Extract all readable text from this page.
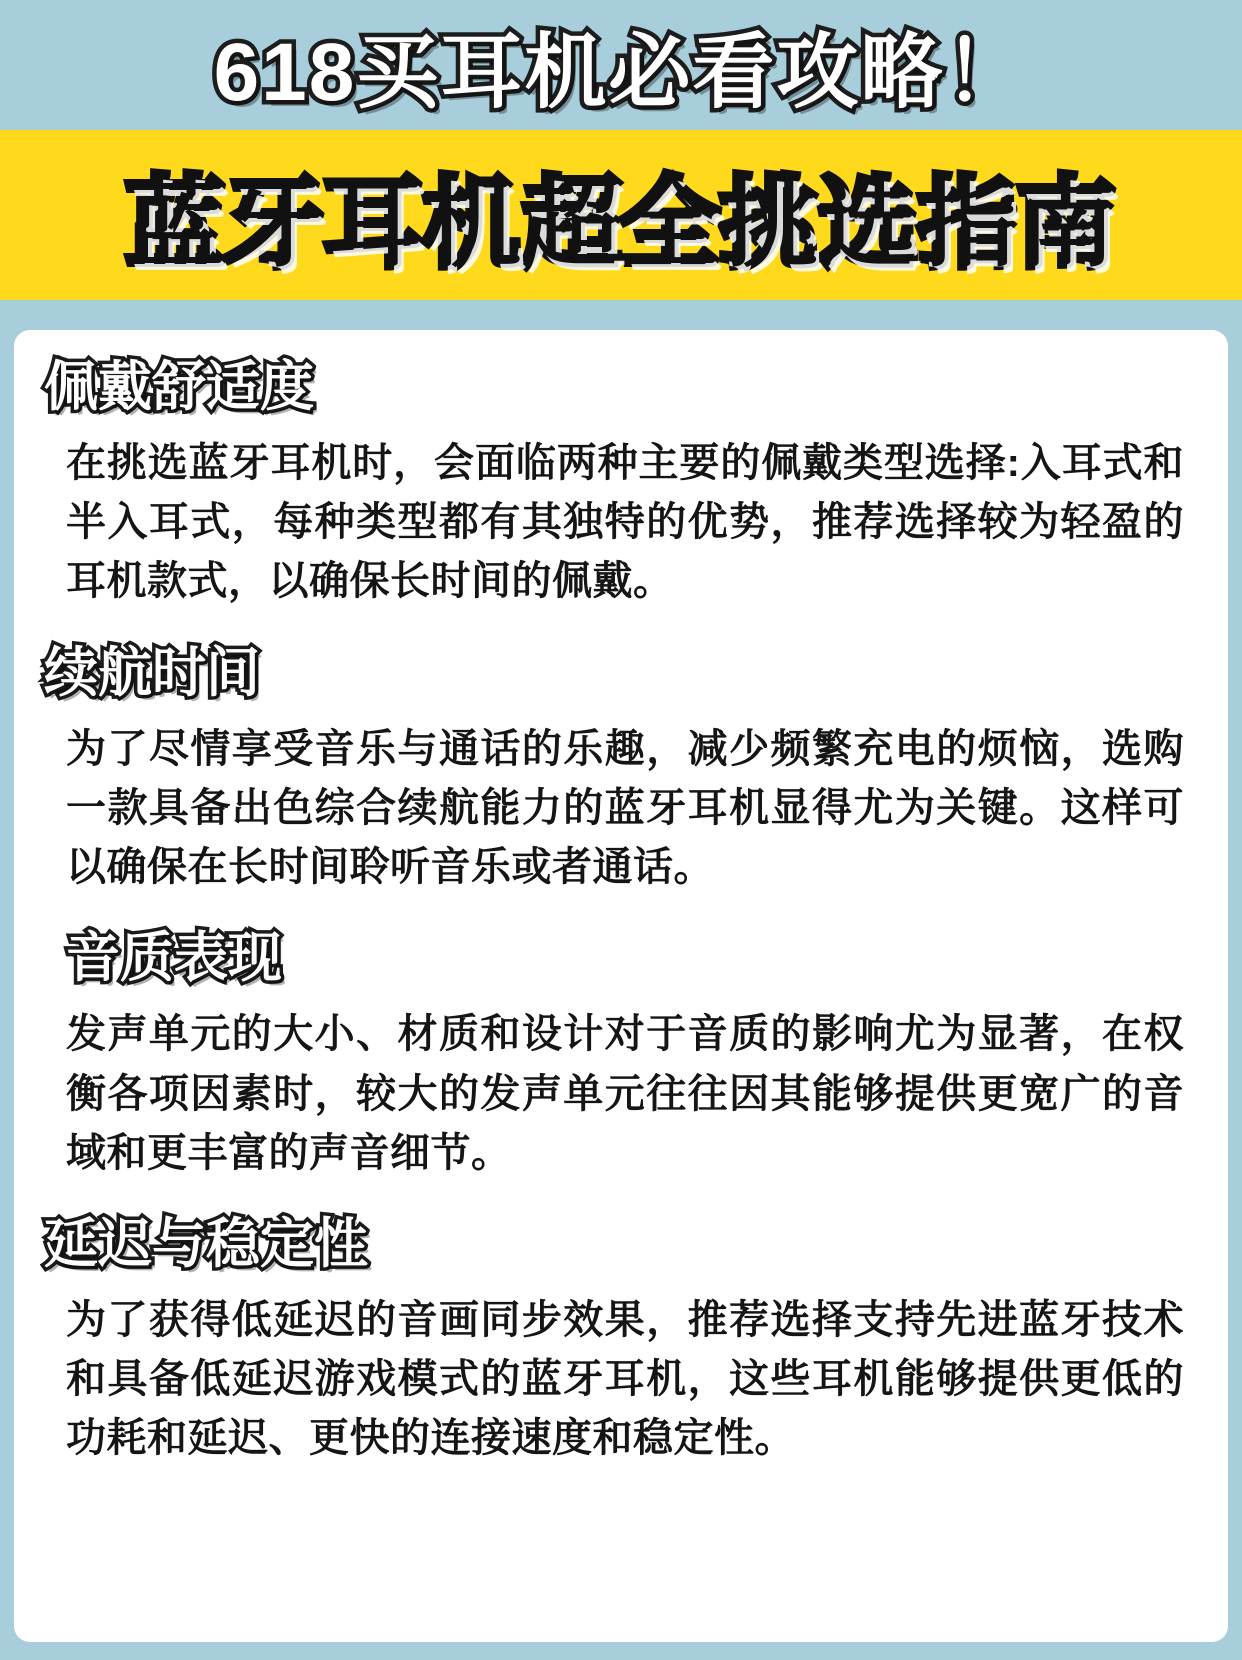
618买耳机必看攻略！
蓝牙耳机超全挑选指南
佩戴舒适度

在挑选蓝牙耳机时，会面临两种主要的佩戴类型选择:入耳式和半入耳式，每种类型都有其独特的优势，推荐选择较为轻盈的耳机款式，以确保长时间的佩戴。

续航时间

为了尽情享受音乐与通话的乐趣，减少频繁充电的烦恼，选购一款具备出色综合续航能力的蓝牙耳机显得尤为关键。这样可以确保在长时间聆听音乐或者通话。

音质表现

发声单元的大小、材质和设计对于音质的影响尤为显著，在权衡各项因素时，较大的发声单元往往因其能够提供更宽广的音域和更丰富的声音细节。

延迟与稳定性

为了获得低延迟的音画同步效果，推荐选择支持先进蓝牙技术和具备低延迟游戏模式的蓝牙耳机，这些耳机能够提供更低的功耗和延迟、更快的连接速度和稳定性。
